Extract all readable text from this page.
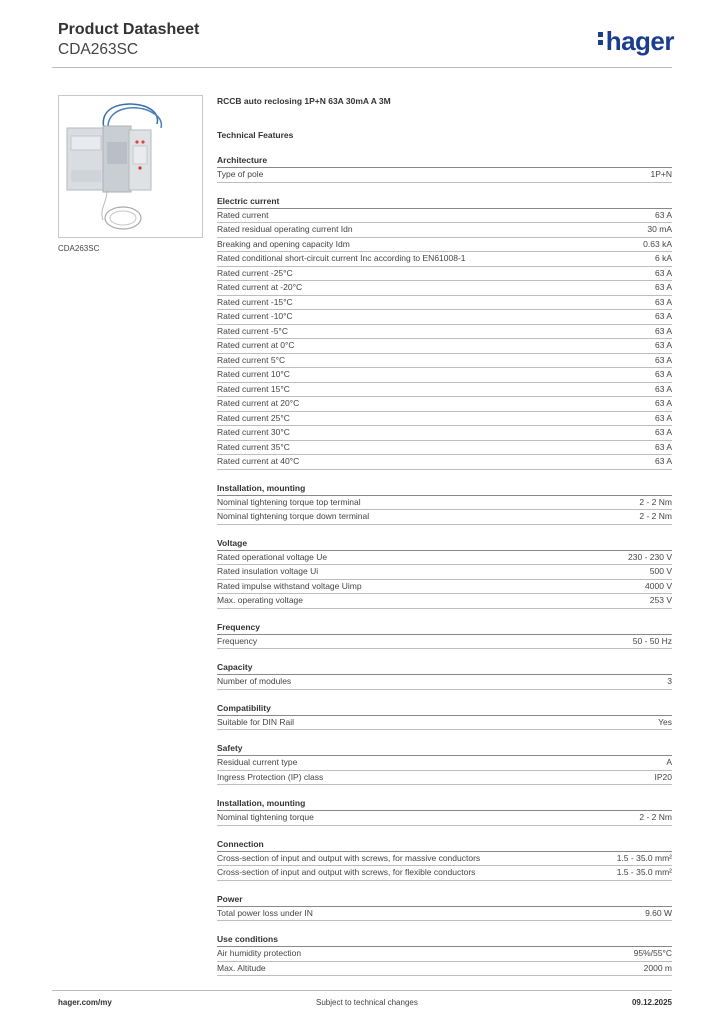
Product Datasheet
CDA263SC	hager
CDA263SC
RCCB auto reclosing 1P+N 63A 30mA A 3M
Technical Features
Architecture
Type of pole	1P+N
Electric current
Rated current	63 A
Rated residual operating current Idn	30 mA
Breaking and opening capacity Idm	0.63 kA
Rated conditional short-circuit current Inc according to EN61008-1	6 kA
Rated current -25°C	63 A
Rated current at -20°C	63 A
Rated current -15°C	63 A
Rated current -10°C	63 A
Rated current -5°C	63 A
Rated current at 0°C	63 A
Rated current 5°C	63 A
Rated current 10°C	63 A
Rated current 15°C	63 A
Rated current at 20°C	63 A
Rated current 25°C	63 A
Rated current 30°C	63 A
Rated current 35°C	63 A
Rated current at 40°C	63 A
Installation, mounting
Nominal tightening torque top terminal	2 - 2 Nm
Nominal tightening torque down terminal	2 - 2 Nm
Voltage
Rated operational voltage Ue	230 - 230 V
Rated insulation voltage Ui	500 V
Rated impulse withstand voltage Uimp	4000 V
Max. operating voltage	253 V
Frequency
Frequency	50 - 50 Hz
Capacity
Number of modules	3
Compatibility
Suitable for DIN Rail	Yes
Safety
Residual current type	A
Ingress Protection (IP) class	IP20
Installation, mounting
Nominal tightening torque	2 - 2 Nm
Connection
Cross-section of input and output with screws, for massive conductors	1.5 - 35.0 mm²
Cross-section of input and output with screws, for flexible conductors	1.5 - 35.0 mm²
Power
Total power loss under IN	9.60 W
Use conditions
Air humidity protection	95%/55°C
Max. Altitude	2000 m
hager.com/my	Subject to technical changes	09.12.2025
